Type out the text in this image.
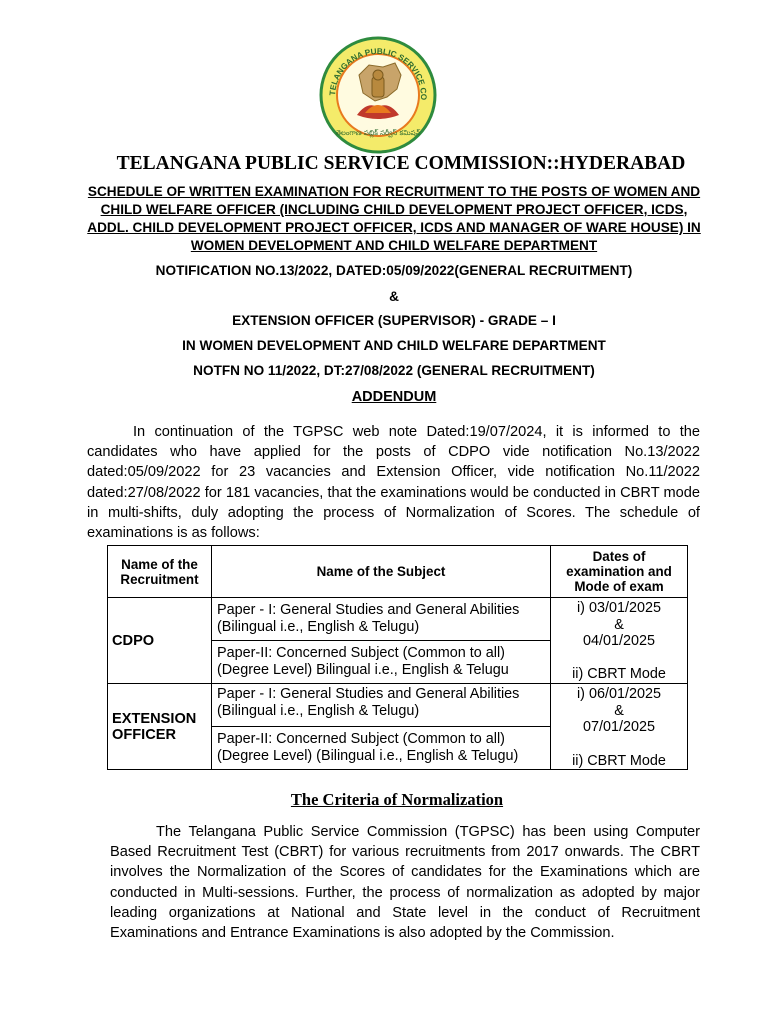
TELANGANA PUBLIC SERVICE CO
తెలంగాణ పబ్లిక్ సర్వీస్ కమిషన్
TELANGANA PUBLIC SERVICE COMMISSION::HYDERABAD
SCHEDULE OF WRITTEN EXAMINATION FOR RECRUITMENT TO THE POSTS OF WOMEN AND
CHILD WELFARE OFFICER (INCLUDING CHILD DEVELOPMENT PROJECT OFFICER, ICDS,
ADDL. CHILD DEVELOPMENT PROJECT OFFICER, ICDS AND MANAGER OF WARE HOUSE) IN
WOMEN DEVELOPMENT AND CHILD WELFARE DEPARTMENT
NOTIFICATION NO.13/2022, DATED:05/09/2022(GENERAL RECRUITMENT)
&
EXTENSION OFFICER (SUPERVISOR) - GRADE – I
IN WOMEN DEVELOPMENT AND CHILD WELFARE DEPARTMENT
NOTFN NO 11/2022, DT:27/08/2022 (GENERAL RECRUITMENT)
ADDENDUM

In continuation of the TGPSC web note Dated:19/07/2024, it is informed to the candidates who have applied for the posts of CDPO vide notification No.13/2022 dated:05/09/2022 for 23 vacancies and Extension Officer, vide notification No.11/2022 dated:27/08/2022 for 181 vacancies, that the examinations would be conducted in CBRT mode in multi-shifts, duly adopting the process of Normalization of Scores. The schedule of examinations is as follows:

Name of the Recruitment	Name of the Subject	Dates of examination and Mode of exam
CDPO	Paper - I: General Studies and General Abilities (Bilingual i.e., English & Telugu)	i) 03/01/2025
&
04/01/2025
ii) CBRT Mode

	Paper-II: Concerned Subject (Common to all) (Degree Level) Bilingual i.e., English & Telugu	
EXTENSION OFFICER	Paper - I: General Studies and General Abilities (Bilingual i.e., English & Telugu)	i) 06/01/2025
&
07/01/2025
ii) CBRT Mode

	Paper-II: Concerned Subject (Common to all) (Degree Level) (Bilingual i.e., English & Telugu)	
The Criteria of Normalization

The Telangana Public Service Commission (TGPSC) has been using Computer Based Recruitment Test (CBRT) for various recruitments from 2017 onwards. The CBRT involves the Normalization of the Scores of candidates for the Examinations which are conducted in Multi-sessions. Further, the process of normalization as adopted by major leading organizations at National and State level in the conduct of Recruitment Examinations and Entrance Examinations is also adopted by the Commission.
